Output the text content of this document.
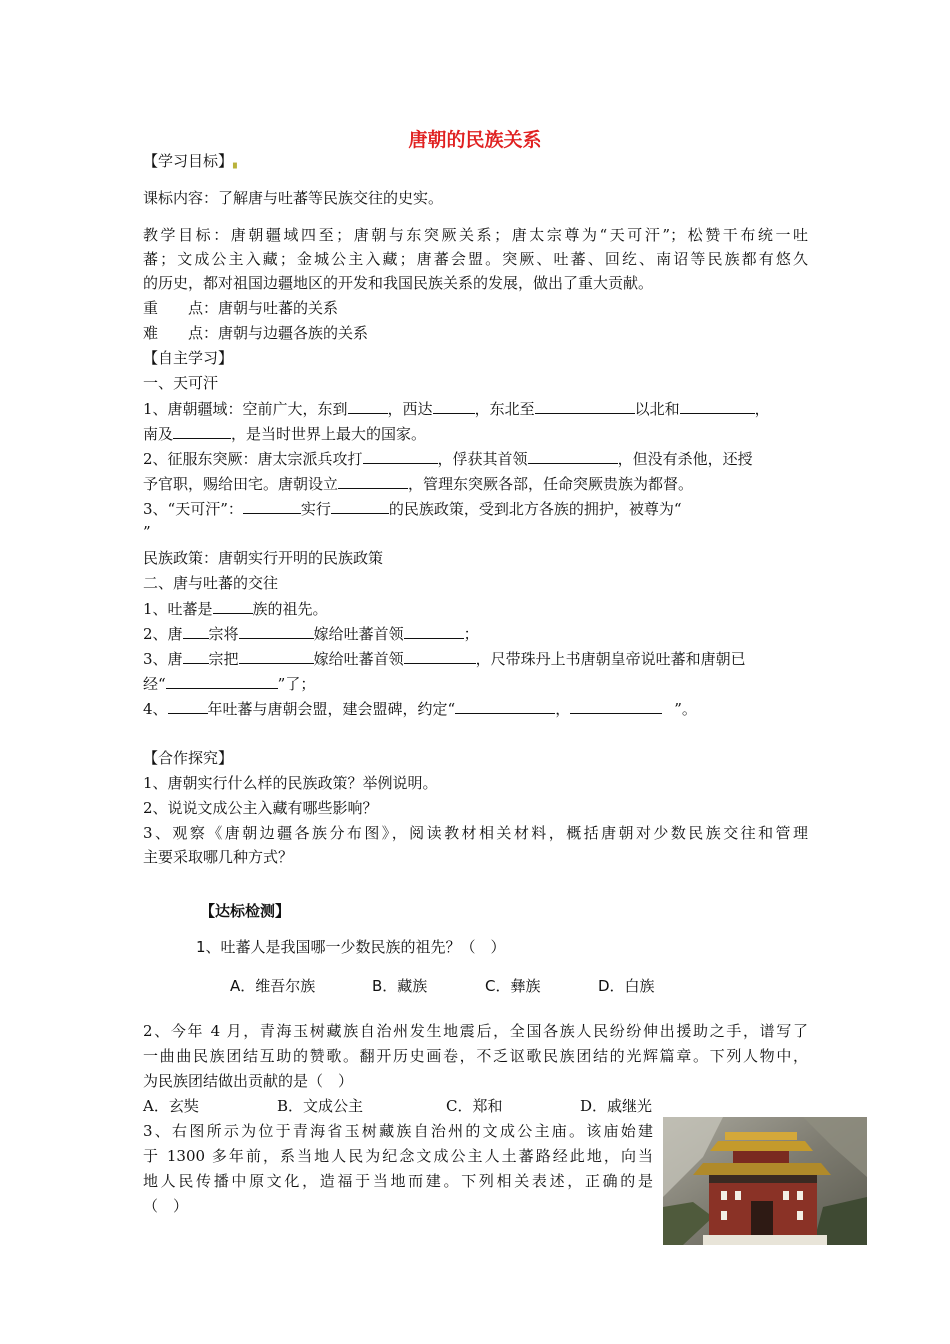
唐朝的民族关系
【学习目标】▖
课标内容：了解唐与吐蕃等民族交往的史实。
教学目标：唐朝疆域四至；唐朝与东突厥关系；唐太宗尊为“天可汗”；松赞干布统一吐
蕃；文成公主入藏；金城公主入藏；唐蕃会盟。突厥、吐蕃、回纥、南诏等民族都有悠久
的历史，都对祖国边疆地区的开发和我国民族关系的发展，做出了重大贡献。
重　　点：唐朝与吐蕃的关系
难　　点：唐朝与边疆各族的关系
【自主学习】
一、天可汗
1、唐朝疆域：空前广大，东到	，西达	，东北至	以北和	，
南及	，是当时世界上最大的国家。
2、征服东突厥：唐太宗派兵攻打	，俘获其首领	，但没有杀他，还授
予官职，赐给田宅。唐朝设立	，管理东突厥各部，任命突厥贵族为都督。
3、“天可汗”：	实行	的民族政策，受到北方各族的拥护，被尊为“
”
民族政策：唐朝实行开明的民族政策
二、唐与吐蕃的交往
1、吐蕃是	族的祖先。
2、唐 宗将	嫁给吐蕃首领	；
3、唐 宗把	嫁给吐蕃首领	，尺带珠丹上书唐朝皇帝说吐蕃和唐朝已
经“	”了；
4、	年吐蕃与唐朝会盟，建会盟碑，约定“	，	”。
【合作探究】
1、唐朝实行什么样的民族政策？举例说明。
2、说说文成公主入藏有哪些影响？
3、观察《唐朝边疆各族分布图》，阅读教材相关材料，概括唐朝对少数民族交往和管理
主要采取哪几种方式？
【达标检测】
1、吐蕃人是我国哪一少数民族的祖先？（　）
A．维吾尔族	B．藏族	C．彝族	D．白族
2、今年 4 月，青海玉树藏族自治州发生地震后，全国各族人民纷纷伸出援助之手，谱写了
一曲曲民族团结互助的赞歌。翻开历史画卷，不乏讴歌民族团结的光辉篇章。下列人物中，
为民族团结做出贡献的是（　）
A．玄奘	B．文成公主	C．郑和	D．戚继光
3、右图所示为位于青海省玉树藏族自治州的文成公主庙。该庙始建
于 1300 多年前，系当地人民为纪念文成公主人土蕃路经此地，向当
地人民传播中原文化，造福于当地而建。下列相关表述，正确的是
（　）
